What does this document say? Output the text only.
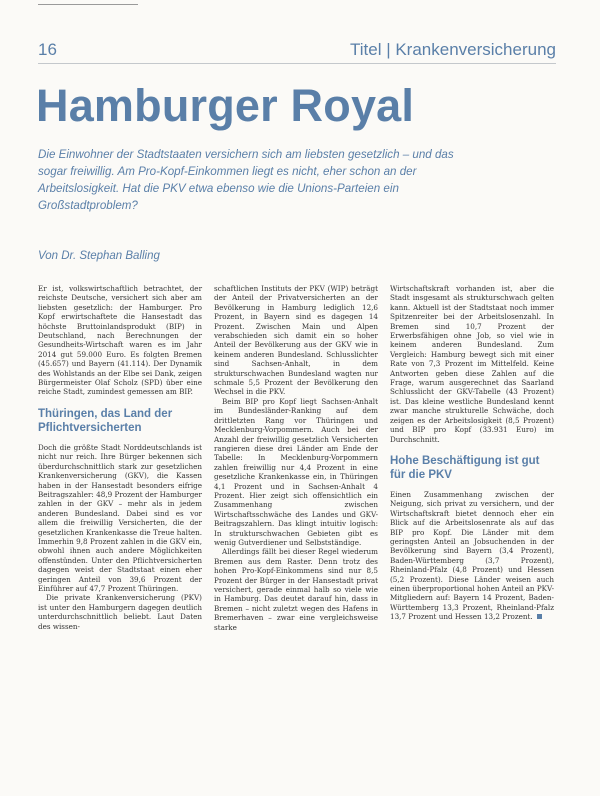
16	Titel | Krankenversicherung
Hamburger Royal

Die Einwohner der Stadtstaaten versichern sich am liebsten gesetzlich – und das sogar freiwillig. Am Pro-Kopf-Einkommen liegt es nicht, eher schon an der Arbeitslosigkeit. Hat die PKV etwa ebenso wie die Unions-Parteien ein Großstadtproblem?

Von Dr. Stephan Balling

Er ist, volkswirtschaftlich betrachtet, der reichste Deutsche, versichert sich aber am liebsten gesetzlich: der Hamburger. Pro Kopf erwirtschaftete die Hansestadt das höchste Bruttoinlandsprodukt (BIP) in Deutschland, nach Berechnungen der Gesundheits-Wirtschaft waren es im Jahr 2014 gut 59.000 Euro. Es folgten Bremen (45.657) und Bayern (41.114). Der Dynamik des Wohlstands an der Elbe sei Dank, zeigen Bürgermeister Olaf Scholz (SPD) über eine reiche Stadt, zumindest gemessen am BIP.

Thüringen, das Land der Pflichtversicherten

Doch die größte Stadt Norddeutschlands ist nicht nur reich. Ihre Bürger bekennen sich überdurchschnittlich stark zur gesetzlichen Krankenversicherung (GKV), die Kassen haben in der Hansestadt besonders eifrige Beitragszahler: 48,9 Prozent der Hamburger zahlen in der GKV – mehr als in jedem anderen Bundesland. Dabei sind es vor allem die freiwillig Versicherten, die der gesetzlichen Krankenkasse die Treue halten. Immerhin 9,8 Prozent zahlen in die GKV ein, obwohl ihnen auch andere Möglichkeiten offenstünden. Unter den Pflichtversicherten dagegen weist der Stadtstaat einen eher geringen Anteil von 39,6 Prozent der Einführer auf 47,7 Prozent Thüringen.

Die private Krankenversicherung (PKV) ist unter den Hamburgern dagegen deutlich unterdurchschnittlich beliebt. Laut Daten des wissen-

schaftlichen Instituts der PKV (WIP) beträgt der Anteil der Privatversicherten an der Bevölkerung in Hamburg lediglich 12,6 Prozent, in Bayern sind es dagegen 14 Prozent. Zwischen Main und Alpen verabschieden sich damit ein so hoher Anteil der Bevölkerung aus der GKV wie in keinem anderen Bundesland. Schlusslichter sind Sachsen-Anhalt, in dem strukturschwachen Bundesland wagten nur schmale 5,5 Prozent der Bevölkerung den Wechsel in die PKV.

Beim BIP pro Kopf liegt Sachsen-Anhalt im Bundesländer-Ranking auf dem drittletzten Rang vor Thüringen und Mecklenburg-Vorpommern. Auch bei der Anzahl der freiwillig gesetzlich Versicherten rangieren diese drei Länder am Ende der Tabelle: In Mecklenburg-Vorpommern zahlen freiwillig nur 4,4 Prozent in eine gesetzliche Krankenkasse ein, in Thüringen 4,1 Prozent und in Sachsen-Anhalt 4 Prozent. Hier zeigt sich offensichtlich ein Zusammenhang zwischen Wirtschaftsschwäche des Landes und GKV-Beitragszahlern. Das klingt intuitiv logisch: In strukturschwachen Gebieten gibt es wenig Gutverdiener und Selbstständige.

Allerdings fällt bei dieser Regel wiederum Bremen aus dem Raster. Denn trotz des hohen Pro-Kopf-Einkommens sind nur 8,5 Prozent der Bürger in der Hansestadt privat versichert, gerade einmal halb so viele wie in Hamburg. Das deutet darauf hin, dass in Bremen – nicht zuletzt wegen des Hafens in Bremerhaven – zwar eine vergleichsweise starke

Wirtschaftskraft vorhanden ist, aber die Stadt insgesamt als strukturschwach gelten kann. Aktuell ist der Stadtstaat noch immer Spitzenreiter bei der Arbeitslosenzahl. In Bremen sind 10,7 Prozent der Erwerbsfähigen ohne Job, so viel wie in keinem anderen Bundesland. Zum Vergleich: Hamburg bewegt sich mit einer Rate von 7,3 Prozent im Mittelfeld. Keine Antworten geben diese Zahlen auf die Frage, warum ausgerechnet das Saarland Schlusslicht der GKV-Tabelle (43 Prozent) ist. Das kleine westliche Bundesland kennt zwar manche strukturelle Schwäche, doch zeigen es der Arbeitslosigkeit (8,5 Prozent) und BIP pro Kopf (33.931 Euro) im Durchschnitt.

Hohe Beschäftigung ist gut für die PKV

Einen Zusammenhang zwischen der Neigung, sich privat zu versichern, und der Wirtschaftskraft bietet dennoch eher ein Blick auf die Arbeitslosenrate als auf das BIP pro Kopf. Die Länder mit dem geringsten Anteil an Jobsuchenden in der Bevölkerung sind Bayern (3,4 Prozent), Baden-Württemberg (3,7 Prozent), Rheinland-Pfalz (4,8 Prozent) und Hessen (5,2 Prozent). Diese Länder weisen auch einen überproportional hohen Anteil an PKV-Mitgliedern auf: Bayern 14 Prozent, Baden-Württemberg 13,3 Prozent, Rheinland-Pfalz 13,7 Prozent und Hessen 13,2 Prozent.
